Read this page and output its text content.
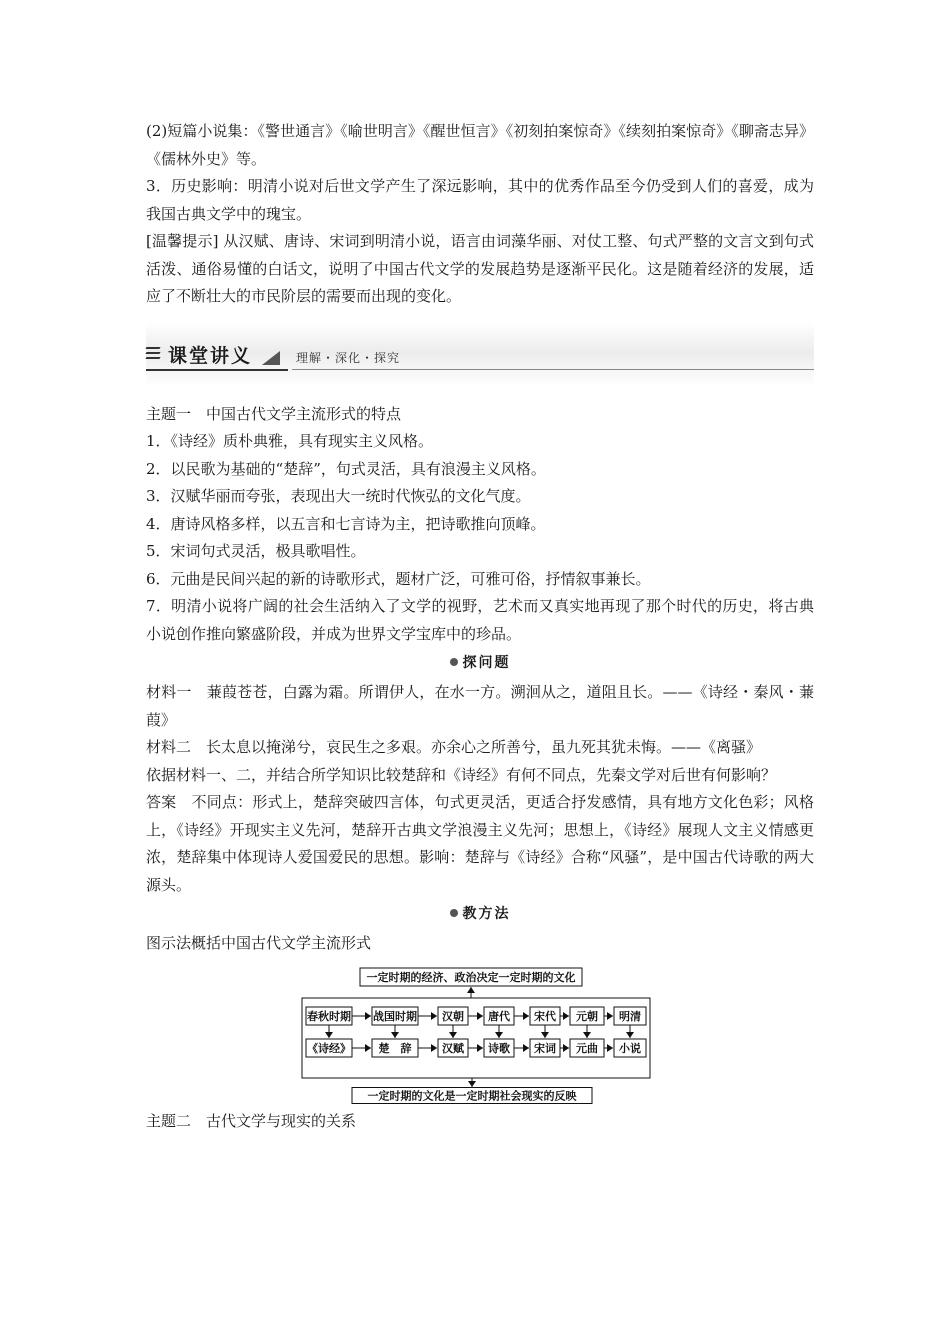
(2)短篇小说集：《警世通言》《喻世明言》《醒世恒言》《初刻拍案惊奇》《续刻拍案惊奇》《聊斋志异》《儒林外史》等。

3．历史影响：明清小说对后世文学产生了深远影响，其中的优秀作品至今仍受到人们的喜爱，成为我国古典文学中的瑰宝。

[温馨提示] 从汉赋、唐诗、宋词到明清小说，语言由词藻华丽、对仗工整、句式严整的文言文到句式活泼、通俗易懂的白话文，说明了中国古代文学的发展趋势是逐渐平民化。这是随着经济的发展，适应了不断壮大的市民阶层的需要而出现的变化。

课堂讲义	理解・深化・探究

主题一　中国古代文学主流形式的特点

1．《诗经》质朴典雅，具有现实主义风格。

2．以民歌为基础的“楚辞”，句式灵活，具有浪漫主义风格。

3．汉赋华丽而夸张，表现出大一统时代恢弘的文化气度。

4．唐诗风格多样，以五言和七言诗为主，把诗歌推向顶峰。

5．宋词句式灵活，极具歌唱性。

6．元曲是民间兴起的新的诗歌形式，题材广泛，可雅可俗，抒情叙事兼长。

7．明清小说将广阔的社会生活纳入了文学的视野，艺术而又真实地再现了那个时代的历史，将古典小说创作推向繁盛阶段，并成为世界文学宝库中的珍品。

探问题

材料一　蒹葭苍苍，白露为霜。所谓伊人，在水一方。溯洄从之，道阻且长。——《诗经・秦风・蒹葭》

材料二　长太息以掩涕兮，哀民生之多艰。亦余心之所善兮，虽九死其犹未悔。——《离骚》

依据材料一、二，并结合所学知识比较楚辞和《诗经》有何不同点，先秦文学对后世有何影响？

答案　不同点：形式上，楚辞突破四言体，句式更灵活，更适合抒发感情，具有地方文化色彩；风格上，《诗经》开现实主义先河，楚辞开古典文学浪漫主义先河；思想上，《诗经》展现人文主义情感更浓，楚辞集中体现诗人爱国爱民的思想。影响：楚辞与《诗经》合称“风骚”，是中国古代诗歌的两大源头。

教方法

图示法概括中国古代文学主流形式

一定时期的经济、政治决定一定时期的文化
春秋时期
《诗经》
战国时期
楚　辞
汉朝
汉赋
唐代
诗歌
宋代
宋词
元朝
元曲
明清
小说
一定时期的文化是一定时期社会现实的反映

主题二　古代文学与现实的关系
